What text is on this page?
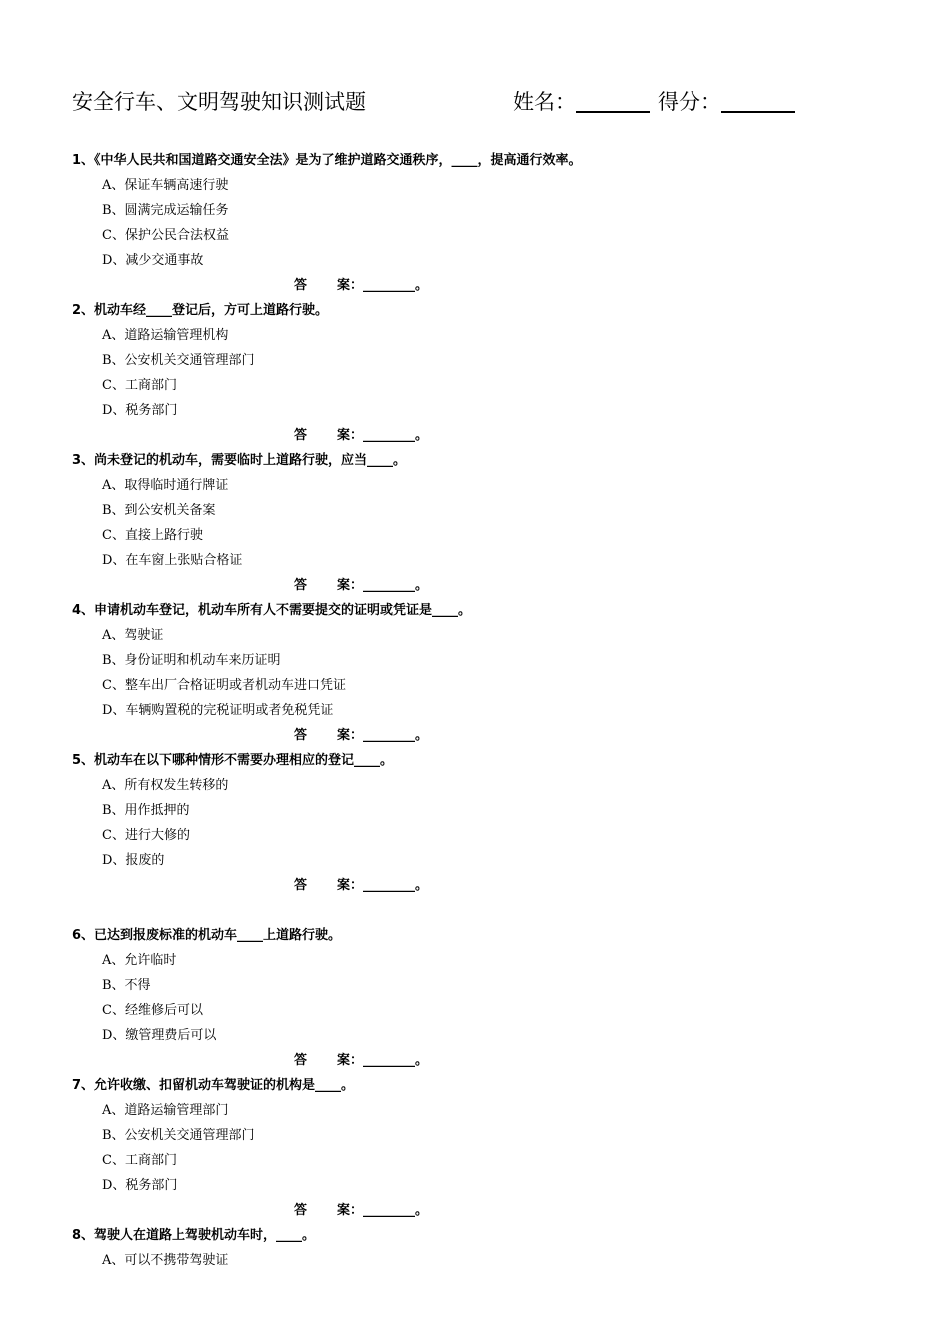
安全行车、文明驾驶知识测试题	姓名：	得分：
1、《中华人民共和国道路交通安全法》是为了维护道路交通秩序，____，提高通行效率。
A、保证车辆高速行驶
B、圆满完成运输任务
C、保护公民合法权益
D、减少交通事故
答 案：________。
2、机动车经____登记后，方可上道路行驶。
A、道路运输管理机构
B、公安机关交通管理部门
C、工商部门
D、税务部门
答 案：________。
3、尚未登记的机动车，需要临时上道路行驶，应当____。
A、取得临时通行牌证
B、到公安机关备案
C、直接上路行驶
D、在车窗上张贴合格证
答 案：________。
4、申请机动车登记，机动车所有人不需要提交的证明或凭证是____。
A、驾驶证
B、身份证明和机动车来历证明
C、整车出厂合格证明或者机动车进口凭证
D、车辆购置税的完税证明或者免税凭证
答 案：________。
5、机动车在以下哪种情形不需要办理相应的登记____。
A、所有权发生转移的
B、用作抵押的
C、进行大修的
D、报废的
答 案：________。
6、已达到报废标准的机动车____上道路行驶。
A、允许临时
B、不得
C、经维修后可以
D、缴管理费后可以
答 案：________。
7、允许收缴、扣留机动车驾驶证的机构是____。
A、道路运输管理部门
B、公安机关交通管理部门
C、工商部门
D、税务部门
答 案：________。
8、驾驶人在道路上驾驶机动车时，____。
A、可以不携带驾驶证
